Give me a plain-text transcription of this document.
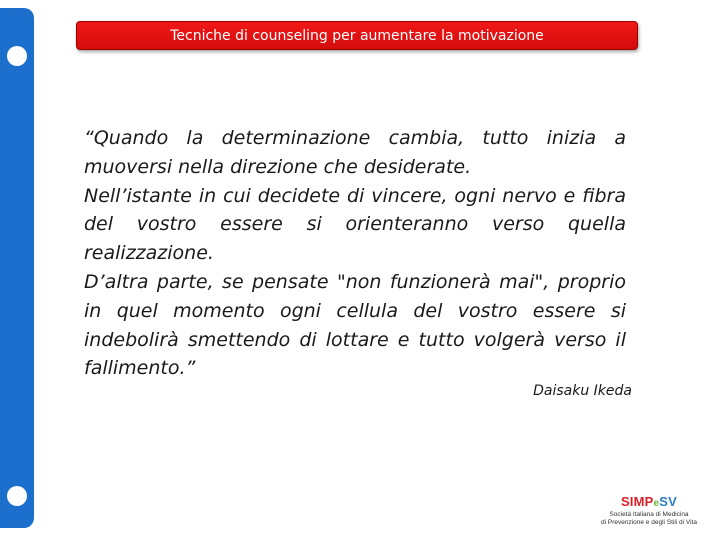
Tecniche di counseling per aumentare la motivazione

“Quando la determinazione cambia, tutto inizia a muoversi nella direzione che desiderate.

Nell’istante in cui decidete di vincere, ogni nervo e fibra del vostro essere si orienteranno verso quella realizzazione.

D’altra parte, se pensate "non funzionerà mai", proprio in quel momento ogni cellula del vostro essere si indebolirà smettendo di lottare e tutto volgerà verso il fallimento.”

Daisaku Ikeda
SIMPeSV
Società Italiana di Medicina
di Prevenzione e degli Stili di Vita
